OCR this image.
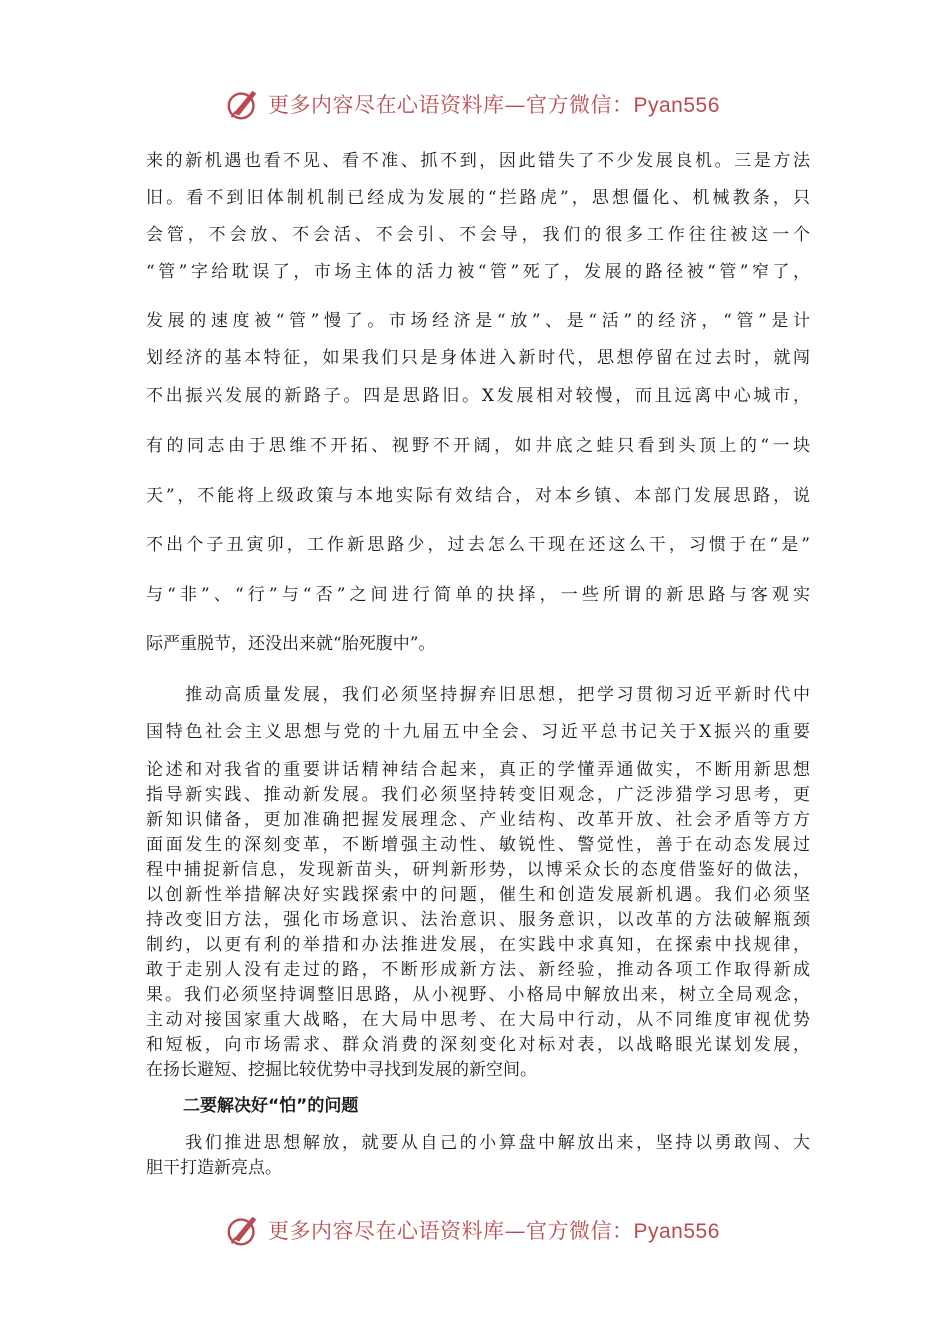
更多内容尽在心语资料库—官方微信：Pyan556
来的新机遇也看不见、看不准、抓不到，因此错失了不少发展良机。三是方法
旧。看不到旧体制机制已经成为发展的“拦路虎”，思想僵化、机械教条，只
会管，不会放、不会活、不会引、不会导，我们的很多工作往往被这一个
“管”字给耽误了，市场主体的活力被“管”死了，发展的路径被“管”窄了，
发展的速度被“管”慢了。市场经济是“放”、是“活”的经济，“管”是计
划经济的基本特征，如果我们只是身体进入新时代，思想停留在过去时，就闯
不出振兴发展的新路子。四是思路旧。X发展相对较慢，而且远离中心城市，
有的同志由于思维不开拓、视野不开阔，如井底之蛙只看到头顶上的“一块
天”，不能将上级政策与本地实际有效结合，对本乡镇、本部门发展思路，说
不出个子丑寅卯，工作新思路少，过去怎么干现在还这么干，习惯于在“是”
与“非”、“行”与“否”之间进行简单的抉择，一些所谓的新思路与客观实
际严重脱节，还没出来就“胎死腹中”。
　　推动高质量发展，我们必须坚持摒弃旧思想，把学习贯彻习近平新时代中
国特色社会主义思想与党的十九届五中全会、习近平总书记关于X振兴的重要
论述和对我省的重要讲话精神结合起来，真正的学懂弄通做实，不断用新思想
指导新实践、推动新发展。我们必须坚持转变旧观念，广泛涉猎学习思考，更
新知识储备，更加准确把握发展理念、产业结构、改革开放、社会矛盾等方方
面面发生的深刻变革，不断增强主动性、敏锐性、警觉性，善于在动态发展过
程中捕捉新信息，发现新苗头，研判新形势，以博采众长的态度借鉴好的做法，
以创新性举措解决好实践探索中的问题，催生和创造发展新机遇。我们必须坚
持改变旧方法，强化市场意识、法治意识、服务意识，以改革的方法破解瓶颈
制约，以更有利的举措和办法推进发展，在实践中求真知，在探索中找规律，
敢于走别人没有走过的路，不断形成新方法、新经验，推动各项工作取得新成
果。我们必须坚持调整旧思路，从小视野、小格局中解放出来，树立全局观念，
主动对接国家重大战略，在大局中思考、在大局中行动，从不同维度审视优势
和短板，向市场需求、群众消费的深刻变化对标对表，以战略眼光谋划发展，
在扬长避短、挖掘比较优势中寻找到发展的新空间。
二要解决好“怕”的问题
　　我们推进思想解放，就要从自己的小算盘中解放出来，坚持以勇敢闯、大
胆干打造新亮点。
更多内容尽在心语资料库—官方微信：Pyan556
